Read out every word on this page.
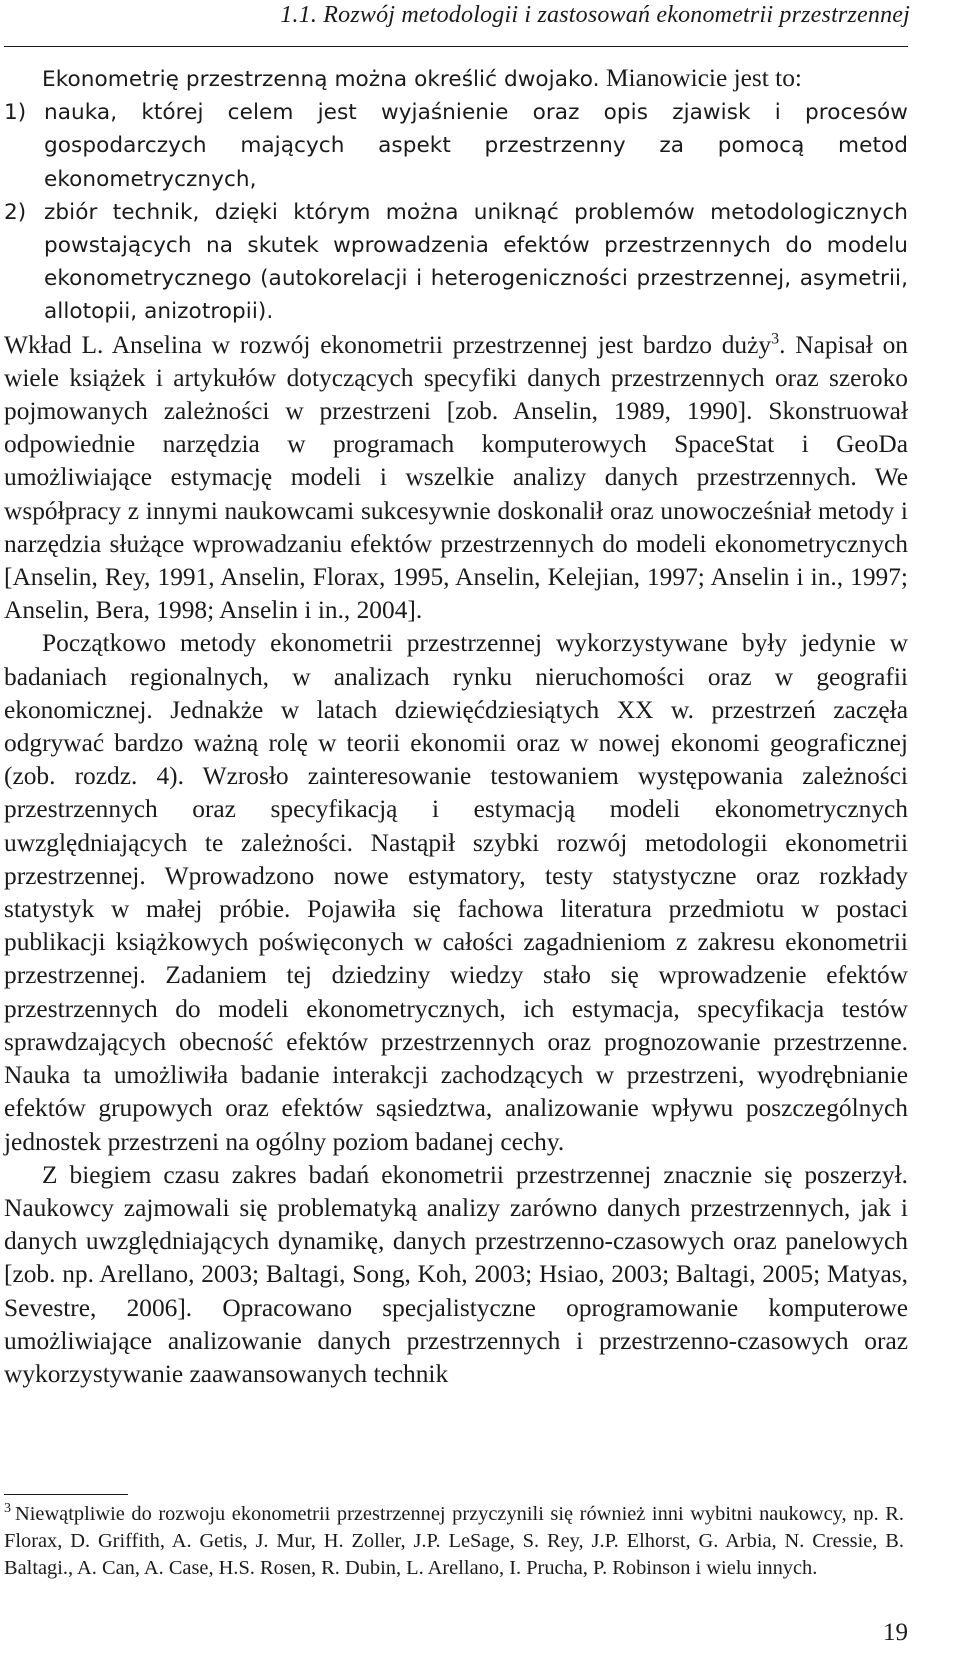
1.1. Rozwój metodologii i zastosowań ekonometrii przestrzennej

Ekonometrię przestrzenną można określić dwojako. Mianowicie jest to:

1) nauka, której celem jest wyjaśnienie oraz opis zjawisk i procesów gospodarczych mających aspekt przestrzenny za pomocą metod ekonometrycznych,
2) zbiór technik, dzięki którym można uniknąć problemów metodologicznych powstających na skutek wprowadzenia efektów przestrzennych do modelu ekonometrycznego (autokorelacji i heterogeniczności przestrzennej, asymetrii, allotopii, anizotropii).

Wkład L. Anselina w rozwój ekonometrii przestrzennej jest bardzo duży$^3$. Napisał on wiele książek i artykułów dotyczących specyfiki danych przestrzennych oraz szeroko pojmowanych zależności w przestrzeni [zob. Anselin, 1989, 1990]. Skonstruował odpowiednie narzędzia w programach komputerowych SpaceStat i GeoDa umożliwiające estymację modeli i wszelkie analizy danych przestrzennych. We współpracy z innymi naukowcami sukcesywnie doskonalił oraz unowocześniał metody i narzędzia służące wprowadzaniu efektów przestrzennych do modeli ekonometrycznych [Anselin, Rey, 1991, Anselin, Florax, 1995, Anselin, Kelejian, 1997; Anselin i in., 1997; Anselin, Bera, 1998; Anselin i in., 2004].

Początkowo metody ekonometrii przestrzennej wykorzystywane były jedynie w badaniach regionalnych, w analizach rynku nieruchomości oraz w geografii ekonomicznej. Jednakże w latach dziewięćdziesiątych XX w. przestrzeń zaczęła odgrywać bardzo ważną rolę w teorii ekonomii oraz w nowej ekonomi geograficznej (zob. rozdz. 4). Wzrosło zainteresowanie testowaniem występowania zależności przestrzennych oraz specyfikacją i estymacją modeli ekonometrycznych uwzględniających te zależności. Nastąpił szybki rozwój metodologii ekonometrii przestrzennej. Wprowadzono nowe estymatory, testy statystyczne oraz rozkłady statystyk w małej próbie. Pojawiła się fachowa literatura przedmiotu w postaci publikacji książkowych poświęconych w całości zagadnieniom z zakresu ekonometrii przestrzennej. Zadaniem tej dziedziny wiedzy stało się wprowadzenie efektów przestrzennych do modeli ekonometrycznych, ich estymacja, specyfikacja testów sprawdzających obecność efektów przestrzennych oraz prognozowanie przestrzenne. Nauka ta umożliwiła badanie interakcji zachodzących w przestrzeni, wyodrębnianie efektów grupowych oraz efektów sąsiedztwa, analizowanie wpływu poszczególnych jednostek przestrzeni na ogólny poziom badanej cechy.

Z biegiem czasu zakres badań ekonometrii przestrzennej znacznie się poszerzył. Naukowcy zajmowali się problematyką analizy zarówno danych przestrzennych, jak i danych uwzględniających dynamikę, danych przestrzenno-czasowych oraz panelowych [zob. np. Arellano, 2003; Baltagi, Song, Koh, 2003; Hsiao, 2003; Baltagi, 2005; Matyas, Sevestre, 2006]. Opracowano specjalistyczne oprogramowanie komputerowe umożliwiające analizowanie danych przestrzennych i przestrzenno-czasowych oraz wykorzystywanie zaawansowanych technik

$^3$ Niewątpliwie do rozwoju ekonometrii przestrzennej przyczynili się również inni wybitni naukowcy, np. R. Florax, D. Griffith, A. Getis, J. Mur, H. Zoller, J.P. LeSage, S. Rey, J.P. Elhorst, G. Arbia, N. Cressie, B. Baltagi., A. Can, A. Case, H.S. Rosen, R. Dubin, L. Arellano, I. Prucha, P. Robinson i wielu innych.
19
